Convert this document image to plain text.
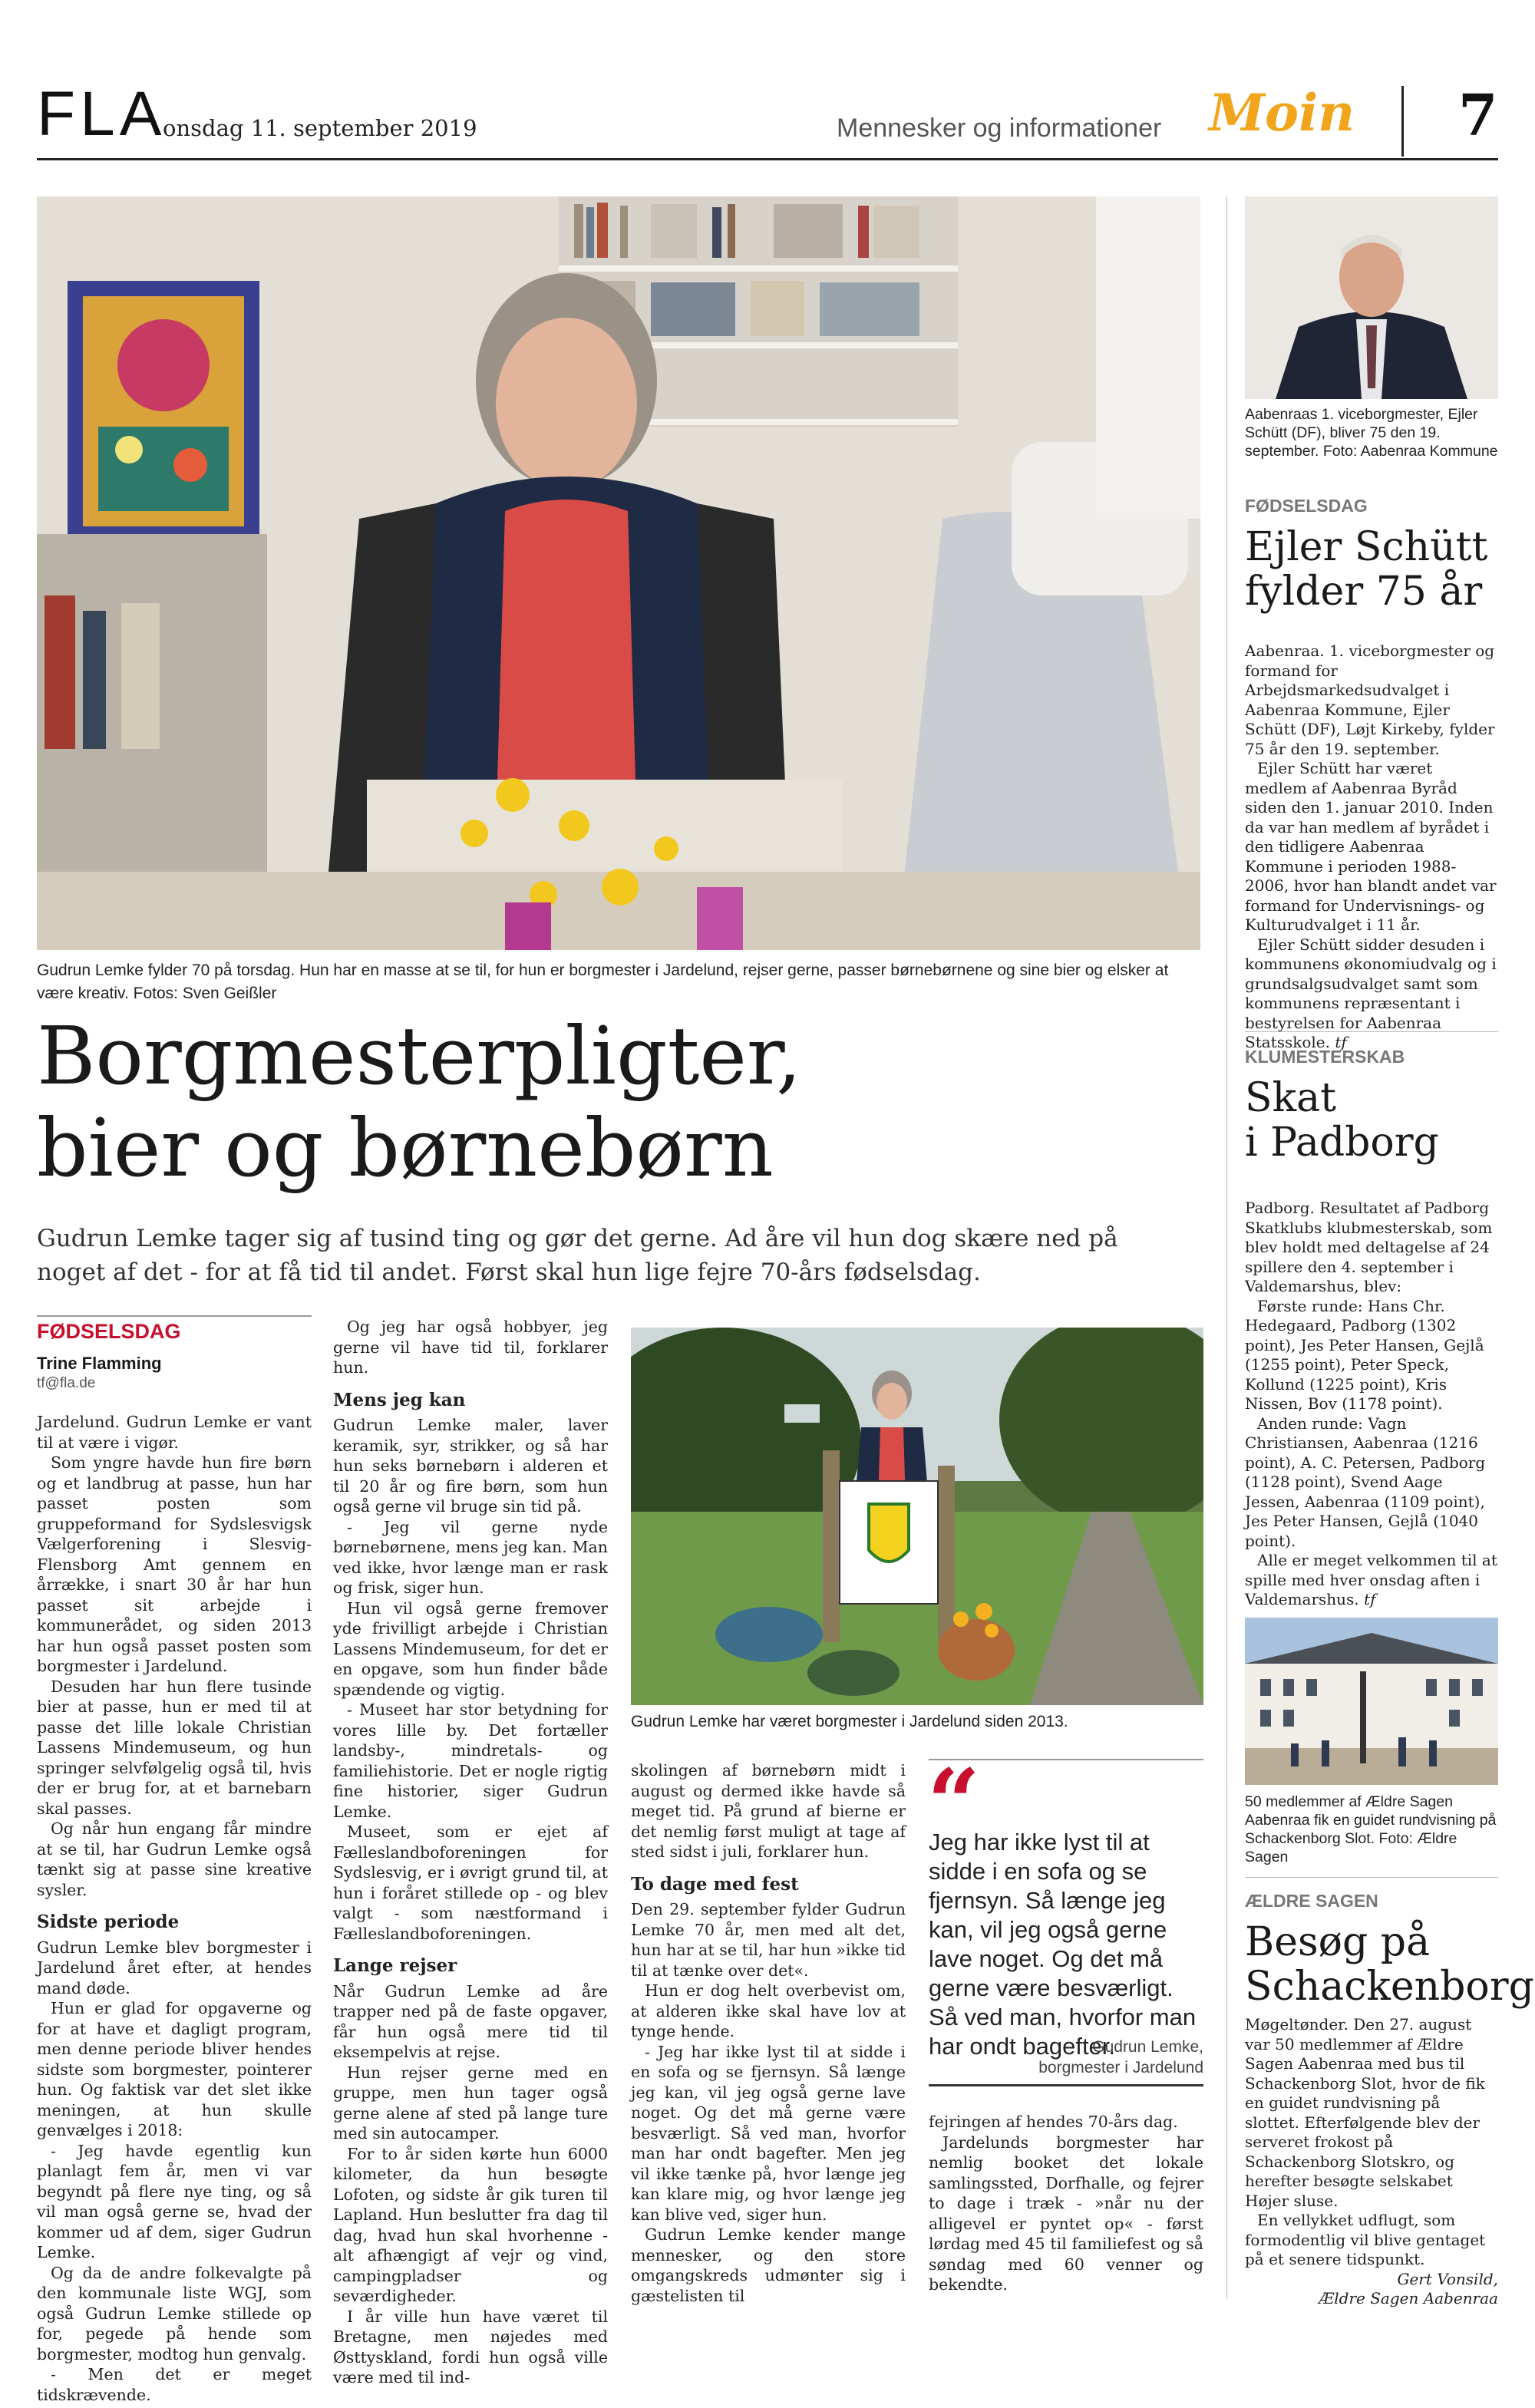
FLA
onsdag 11. september 2019	Mennesker og informationer Moin 7
Gudrun Lemke fylder 70 på torsdag. Hun har en masse at se til, for hun er borgmester i Jardelund, rejser gerne, passer børnebørnene og sine bier og elsker at være kreativ. Fotos: Sven Geißler
Borgmesterpligter,
bier og børnebørn
Gudrun Lemke tager sig af tusind ting og gør det gerne. Ad åre vil hun dog skære ned på noget af det - for at få tid til andet. Først skal hun lige fejre 70-års fødselsdag.
FØDSELSDAG
Trine Flamming
tf@fla.de

Jardelund. Gudrun Lemke er vant til at være i vigør.

Som yngre havde hun fire børn og et landbrug at passe, hun har passet posten som gruppeformand for Sydslesvigsk Vælgerforening i Slesvig-Flensborg Amt gennem en årrække, i snart 30 år har hun passet sit arbejde i kommunerådet, og siden 2013 har hun også passet posten som borgmester i Jardelund.

Desuden har hun flere tusinde bier at passe, hun er med til at passe det lille lokale Christian Lassens Mindemuseum, og hun springer selvfølgelig også til, hvis der er brug for, at et barnebarn skal passes.

Og når hun engang får mindre at se til, har Gudrun Lemke også tænkt sig at passe sine kreative sysler.

Sidste periode

Gudrun Lemke blev borgmester i Jardelund året efter, at hendes mand døde.

Hun er glad for opgaverne og for at have et dagligt program, men denne periode bliver hendes sidste som borgmester, pointerer hun. Og faktisk var det slet ikke meningen, at hun skulle genvælges i 2018:

- Jeg havde egentlig kun planlagt fem år, men vi var begyndt på flere nye ting, og så vil man også gerne se, hvad der kommer ud af dem, siger Gudrun Lemke.

Og da de andre folkevalgte på den kommunale liste WGJ, som også Gudrun Lemke stillede op for, pegede på hende som borgmester, modtog hun genvalg.

- Men det er meget tidskrævende.

Og jeg har også hobbyer, jeg gerne vil have tid til, forklarer hun.

Mens jeg kan

Gudrun Lemke maler, laver keramik, syr, strikker, og så har hun seks børnebørn i alderen et til 20 år og fire børn, som hun også gerne vil bruge sin tid på.

- Jeg vil gerne nyde børnebørnene, mens jeg kan. Man ved ikke, hvor længe man er rask og frisk, siger hun.

Hun vil også gerne fremover yde frivilligt arbejde i Christian Lassens Mindemuseum, for det er en opgave, som hun finder både spændende og vigtig.

- Museet har stor betydning for vores lille by. Det fortæller landsby-, mindretals- og familiehistorie. Det er nogle rigtig fine historier, siger Gudrun Lemke.

Museet, som er ejet af Fælleslandboforeningen for Sydslesvig, er i øvrigt grund til, at hun i foråret stillede op - og blev valgt - som næstformand i Fælleslandboforeningen.

Lange rejser

Når Gudrun Lemke ad åre trapper ned på de faste opgaver, får hun også mere tid til eksempelvis at rejse.

Hun rejser gerne med en gruppe, men hun tager også gerne alene af sted på lange ture med sin autocamper.

For to år siden kørte hun 6000 kilometer, da hun besøgte Lofoten, og sidste år gik turen til Lapland. Hun beslutter fra dag til dag, hvad hun skal hvorhenne - alt afhængigt af vejr og vind, campingpladser og seværdigheder.

I år ville hun have været til Bretagne, men nøjedes med Østtyskland, fordi hun også ville være med til ind-

Gudrun Lemke har været borgmester i Jardelund siden 2013.

skolingen af børnebørn midt i august og dermed ikke havde så meget tid. På grund af bierne er det nemlig først muligt at tage af sted sidst i juli, forklarer hun.

To dage med fest

Den 29. september fylder Gudrun Lemke 70 år, men med alt det, hun har at se til, har hun »ikke tid til at tænke over det«.

Hun er dog helt overbevist om, at alderen ikke skal have lov at tynge hende.

- Jeg har ikke lyst til at sidde i en sofa og se fjernsyn. Så længe jeg kan, vil jeg også gerne lave noget. Og det må gerne være besværligt. Så ved man, hvorfor man har ondt bagefter. Men jeg vil ikke tænke på, hvor længe jeg kan klare mig, og hvor længe jeg kan blive ved, siger hun.

Gudrun Lemke kender mange mennesker, og den store omgangskreds udmønter sig i gæstelisten til

“
Jeg har ikke lyst til at sidde i en sofa og se fjernsyn. Så længe jeg kan, vil jeg også gerne lave noget. Og det må gerne være besværligt. Så ved man, hvorfor man har ondt bagefter.
Gudrun Lemke,
borgmester i Jardelund

fejringen af hendes 70-års dag.

Jardelunds borgmester har nemlig booket det lokale samlingssted, Dorfhalle, og fejrer to dage i træk - »når nu der alligevel er pyntet op« - først lørdag med 45 til familiefest og så søndag med 60 venner og bekendte.

Aabenraas 1. viceborgmester, Ejler Schütt (DF), bliver 75 den 19. september. Foto: Aabenraa Kommune
FØDSELSDAG
Ejler Schütt
fylder 75 år

Aabenraa. 1. viceborgmester og formand for Arbejdsmarkedsudvalget i Aabenraa Kommune, Ejler Schütt (DF), Løjt Kirkeby, fylder 75 år den 19. september.

Ejler Schütt har været medlem af Aabenraa Byråd siden den 1. januar 2010. Inden da var han medlem af byrådet i den tidligere Aabenraa Kommune i perioden 1988-2006, hvor han blandt andet var formand for Undervisnings- og Kulturudvalget i 11 år.

Ejler Schütt sidder desuden i kommunens økonomiudvalg og i grundsalgsudvalget samt som kommunens repræsentant i bestyrelsen for Aabenraa Statsskole. tf

KLUMESTERSKAB
Skat
i Padborg

Padborg. Resultatet af Padborg Skatklubs klubmesterskab, som blev holdt med deltagelse af 24 spillere den 4. september i Valdemarshus, blev:

Første runde: Hans Chr. Hedegaard, Padborg (1302 point), Jes Peter Hansen, Gejlå (1255 point), Peter Speck, Kollund (1225 point), Kris Nissen, Bov (1178 point).

Anden runde: Vagn Christiansen, Aabenraa (1216 point), A. C. Petersen, Padborg (1128 point), Svend Aage Jessen, Aabenraa (1109 point), Jes Peter Hansen, Gejlå (1040 point).

Alle er meget velkommen til at spille med hver onsdag aften i Valdemarshus. tf

50 medlemmer af Ældre Sagen Aabenraa fik en guidet rundvisning på Schackenborg Slot. Foto: Ældre Sagen
ÆLDRE SAGEN
Besøg på
Schackenborg

Møgeltønder. Den 27. august var 50 medlemmer af Ældre Sagen Aabenraa med bus til Schackenborg Slot, hvor de fik en guidet rundvisning på slottet. Efterfølgende blev der serveret frokost på Schackenborg Slotskro, og herefter besøgte selskabet Højer sluse.

En vellykket udflugt, som formodentlig vil blive gentaget på et senere tidspunkt.

Gert Vonsild,

Ældre Sagen Aabenraa
